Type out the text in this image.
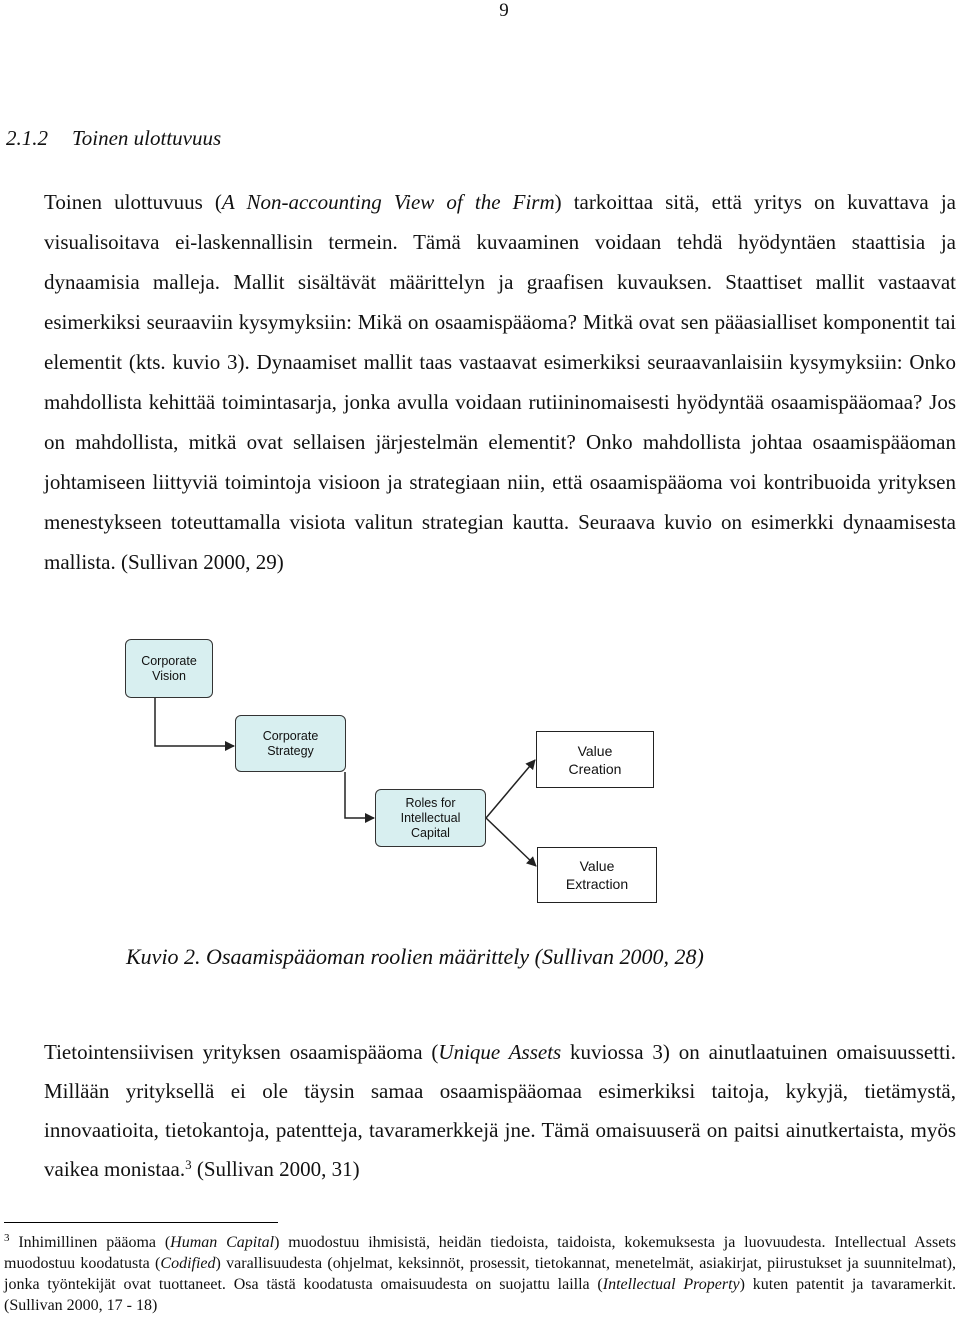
9
2.1.2 Toinen ulottuvuus

Toinen ulottuvuus (A Non-accounting View of the Firm) tarkoittaa sitä, että yritys on kuvattava ja visualisoitava ei-laskennallisin termein. Tämä kuvaaminen voidaan tehdä hyödyntäen staattisia ja dynaamisia malleja. Mallit sisältävät määrittelyn ja graafisen kuvauksen. Staattiset mallit vastaavat esimerkiksi seuraaviin kysymyksiin: Mikä on osaamispääoma? Mitkä ovat sen pääasialliset komponentit tai elementit (kts. kuvio 3). Dynaamiset mallit taas vastaavat esimerkiksi seuraavanlaisiin kysymyksiin: Onko mahdollista kehittää toimintasarja, jonka avulla voidaan rutiininomaisesti hyödyntää osaamispääomaa? Jos on mahdollista, mitkä ovat sellaisen järjestelmän elementit? Onko mahdollista johtaa osaamispääoman johtamiseen liittyviä toimintoja visioon ja strategiaan niin, että osaamispääoma voi kontribuoida yrityksen menestykseen toteuttamalla visiota valitun strategian kautta. Seuraava kuvio on esimerkki dynaamisesta mallista. (Sullivan 2000, 29)

Corporate
Vision
Corporate
Strategy	Value
Creation
Roles for
Intellectual
Capital
Value
Extraction
Kuvio 2. Osaamispääoman roolien määrittely (Sullivan 2000, 28)

Tietointensiivisen yrityksen osaamispääoma (Unique Assets kuviossa 3) on ainutlaatuinen omaisuussetti. Millään yrityksellä ei ole täysin samaa osaamispääomaa esimerkiksi taitoja, kykyjä, tietämystä, innovaatioita, tietokantoja, patentteja, tavaramerkkejä jne. Tämä omaisuuserä on paitsi ainutkertaista, myös vaikea monistaa.$^3$ (Sullivan 2000, 31)

$^3$ Inhimillinen pääoma (Human Capital) muodostuu ihmisistä, heidän tiedoista, taidoista, kokemuksesta ja luovuudesta. Intellectual Assets muodostuu koodatusta (Codified) varallisuudesta (ohjelmat, keksinnöt, prosessit, tietokannat, menetelmät, asiakirjat, piirustukset ja suunnitelmat), jonka työntekijät ovat tuottaneet. Osa tästä koodatusta omaisuudesta on suojattu lailla (Intellectual Property) kuten patentit ja tavaramerkit. (Sullivan 2000, 17 - 18)
